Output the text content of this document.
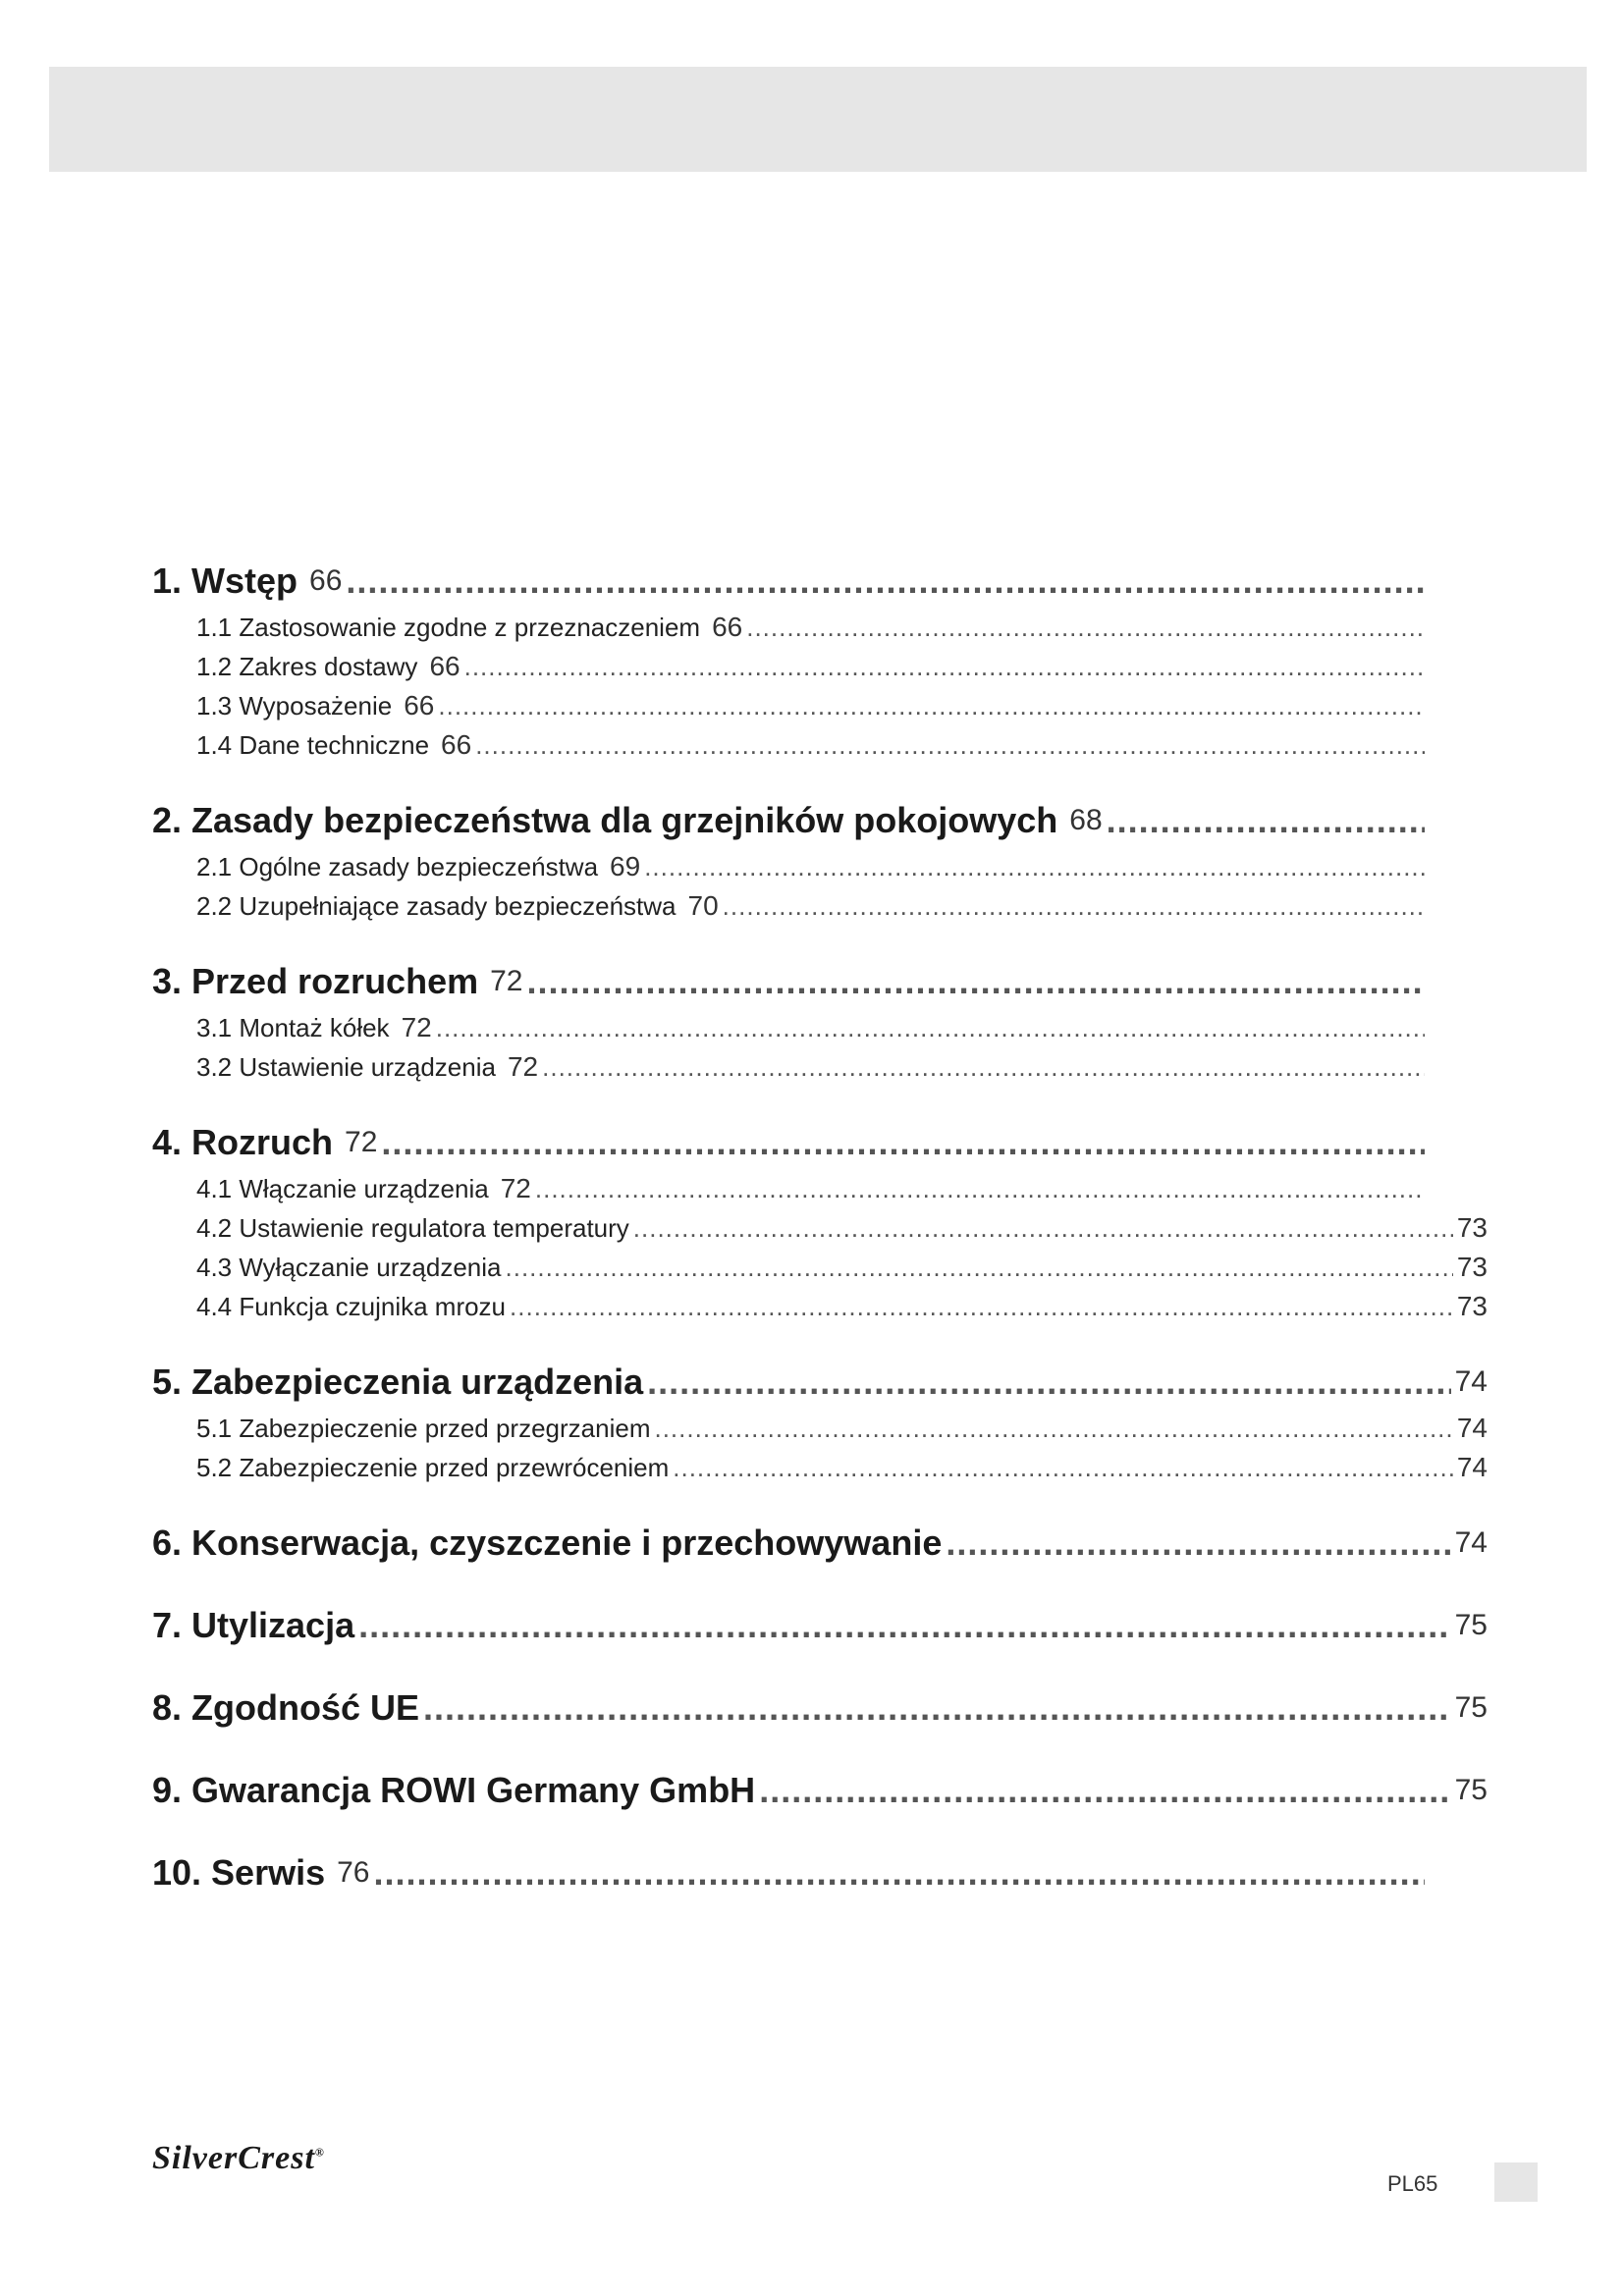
1. Wstęp ..... 66
1.1 Zastosowanie zgodne z przeznaczeniem ..... 66
1.2 Zakres dostawy ..... 66
1.3 Wyposażenie ..... 66
1.4 Dane techniczne ..... 66
2. Zasady bezpieczeństwa dla grzejników pokojowych ..... 68
2.1 Ogólne zasady bezpieczeństwa ..... 69
2.2 Uzupełniające zasady bezpieczeństwa ..... 70
3. Przed rozruchem ..... 72
3.1 Montaż kółek ..... 72
3.2 Ustawienie urządzenia ..... 72
4. Rozruch ..... 72
4.1 Włączanie urządzenia ..... 72
4.2 Ustawienie regulatora temperatury .....	73
4.3 Wyłączanie urządzenia .....	73
4.4 Funkcja czujnika mrozu .....	73
5. Zabezpieczenia urządzenia .....	74
5.1 Zabezpieczenie przed przegrzaniem .....	74
5.2 Zabezpieczenie przed przewróceniem .....	74
6. Konserwacja, czyszczenie i przechowywanie .....	74
7. Utylizacja .....	75
8. Zgodność UE .....	75
9. Gwarancja ROWI Germany GmbH .....	75
10. Serwis ..... 76
SilverCrest®
PL65
